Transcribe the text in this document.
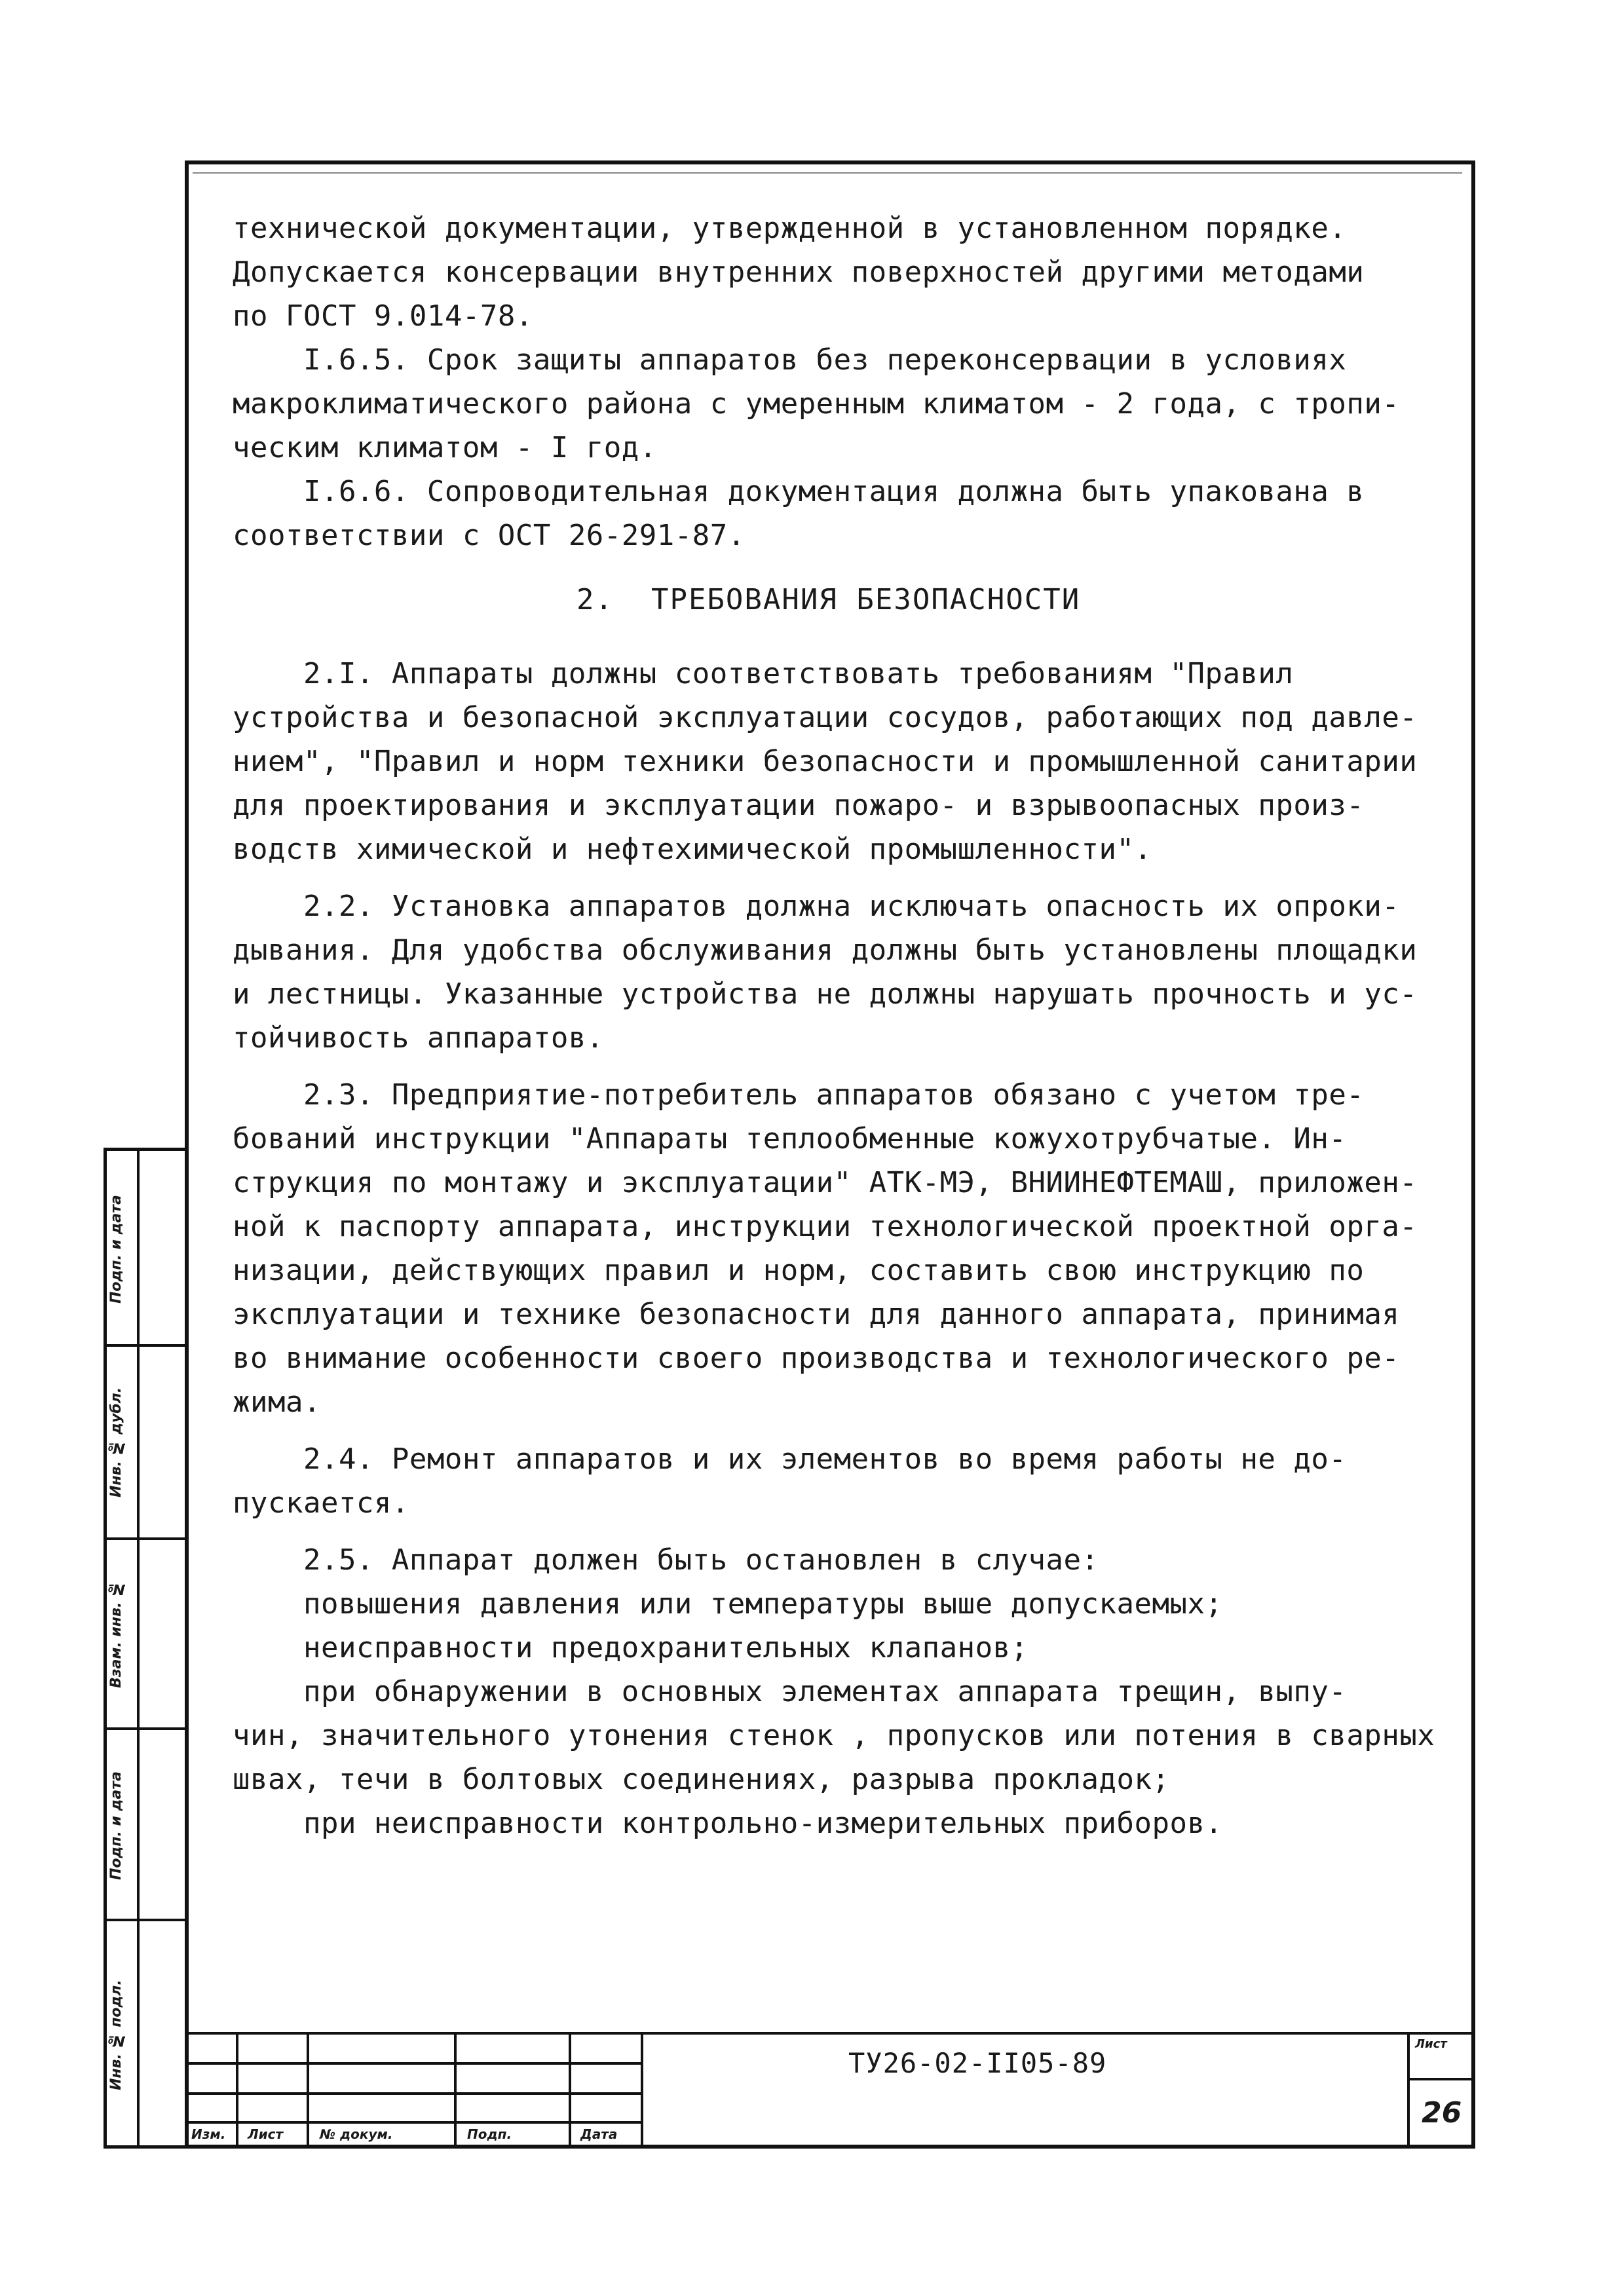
технической документации, утвержденной в установленном порядке.

Допускается консервации внутренних поверхностей другими методами

по ГОСТ 9.014-78.

I.6.5. Срок защиты аппаратов без переконсервации в условиях

макроклиматического района с умеренным климатом - 2 года, с тропи-

ческим климатом - I год.

I.6.6. Сопроводительная документация должна быть упакована в

соответствии с ОСТ 26-291-87.

2.  ТРЕБОВАНИЯ БЕЗОПАСНОСТИ

2.I. Аппараты должны соответствовать требованиям "Правил

устройства и безопасной эксплуатации сосудов, работающих под давле-

нием", "Правил и норм техники безопасности и промышленной санитарии

для проектирования и эксплуатации пожаро- и взрывоопасных произ-

водств химической и нефтехимической промышленности".

2.2. Установка аппаратов должна исключать опасность их опроки-

дывания. Для удобства обслуживания должны быть установлены площадки

и лестницы. Указанные устройства не должны нарушать прочность и ус-

тойчивость аппаратов.

2.3. Предприятие-потребитель аппаратов обязано с учетом тре-

бований инструкции "Аппараты теплообменные кожухотрубчатые. Ин-

струкция по монтажу и эксплуатации" АТК-МЭ, ВНИИНЕФТЕМАШ, приложен-

ной к паспорту аппарата, инструкции технологической проектной орга-

низации, действующих правил и норм, составить свою инструкцию по

эксплуатации и технике безопасности для данного аппарата, принимая

во внимание особенности своего производства и технологического ре-

жима.

2.4. Ремонт аппаратов и их элементов во время работы не до-

пускается.

2.5. Аппарат должен быть остановлен в случае:

повышения давления или температуры выше допускаемых;

неисправности предохранительных клапанов;

при обнаружении в основных элементах аппарата трещин, выпу-

чин, значительного утонения стенок , пропусков или потения в сварных

швах, течи в болтовых соединениях, разрыва прокладок;

при неисправности контрольно-измерительных приборов.

Инв. № подл.
Подп. и дата
Взам. инв. №
Инв. № дубл.
Подп. и дата
Изм. Лист	№ докум.	Подп.	Дата
ТУ26-02-II05-89
Лист
26
